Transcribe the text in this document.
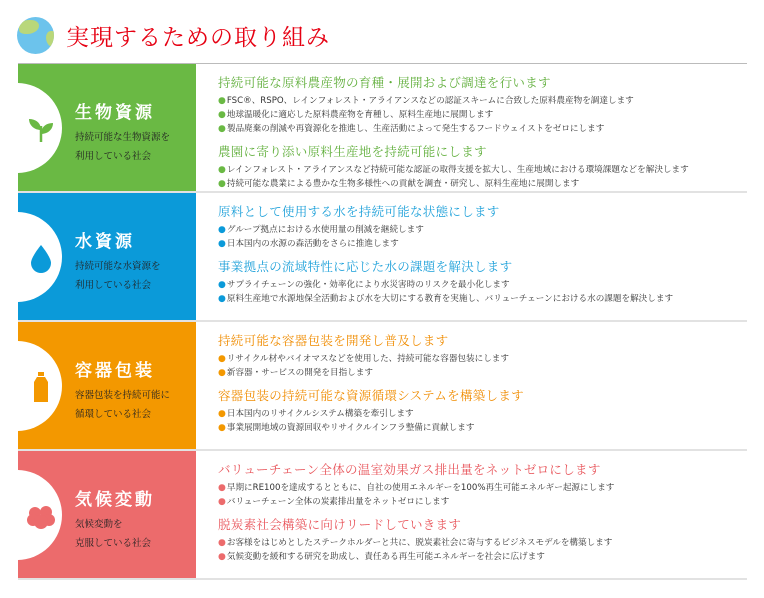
実現するための取り組み
生物資源
持続可能な生物資源を
利用している社会
持続可能な原料農産物の育種・展開および調達を行います
●FSC®、RSPO、レインフォレスト・アライアンスなどの認証スキームに合致した原料農産物を調達します
●地球温暖化に適応した原料農産物を育種し、原料生産地に展開します
●製品廃棄の削減や再資源化を推進し、生産活動によって発生するフードウェイストをゼロにします
農園に寄り添い原料生産地を持続可能にします
●レインフォレスト・アライアンスなど持続可能な認証の取得支援を拡大し、生産地域における環境課題などを解決します
●持続可能な農業による豊かな生物多様性への貢献を調査・研究し、原料生産地に展開します
水資源
持続可能な水資源を
利用している社会
原料として使用する水を持続可能な状態にします
●グループ拠点における水使用量の削減を継続します
●日本国内の水源の森活動をさらに推進します
事業拠点の流域特性に応じた水の課題を解決します
●サプライチェーンの強化・効率化により水災害時のリスクを最小化します
●原料生産地で水源地保全活動および水を大切にする教育を実施し、バリューチェーンにおける水の課題を解決します
容器包装
容器包装を持続可能に
循環している社会
持続可能な容器包装を開発し普及します
●リサイクル材やバイオマスなどを使用した、持続可能な容器包装にします
●新容器・サービスの開発を目指します
容器包装の持続可能な資源循環システムを構築します
●日本国内のリサイクルシステム構築を牽引します
●事業展開地域の資源回収やリサイクルインフラ整備に貢献します
気候変動
気候変動を
克服している社会
バリューチェーン全体の温室効果ガス排出量をネットゼロにします
●早期にRE100を達成するとともに、自社の使用エネルギーを100%再生可能エネルギー起源にします
●バリューチェーン全体の炭素排出量をネットゼロにします
脱炭素社会構築に向けリードしていきます
●お客様をはじめとしたステークホルダーと共に、脱炭素社会に寄与するビジネスモデルを構築します
●気候変動を緩和する研究を助成し、責任ある再生可能エネルギーを社会に広げます
